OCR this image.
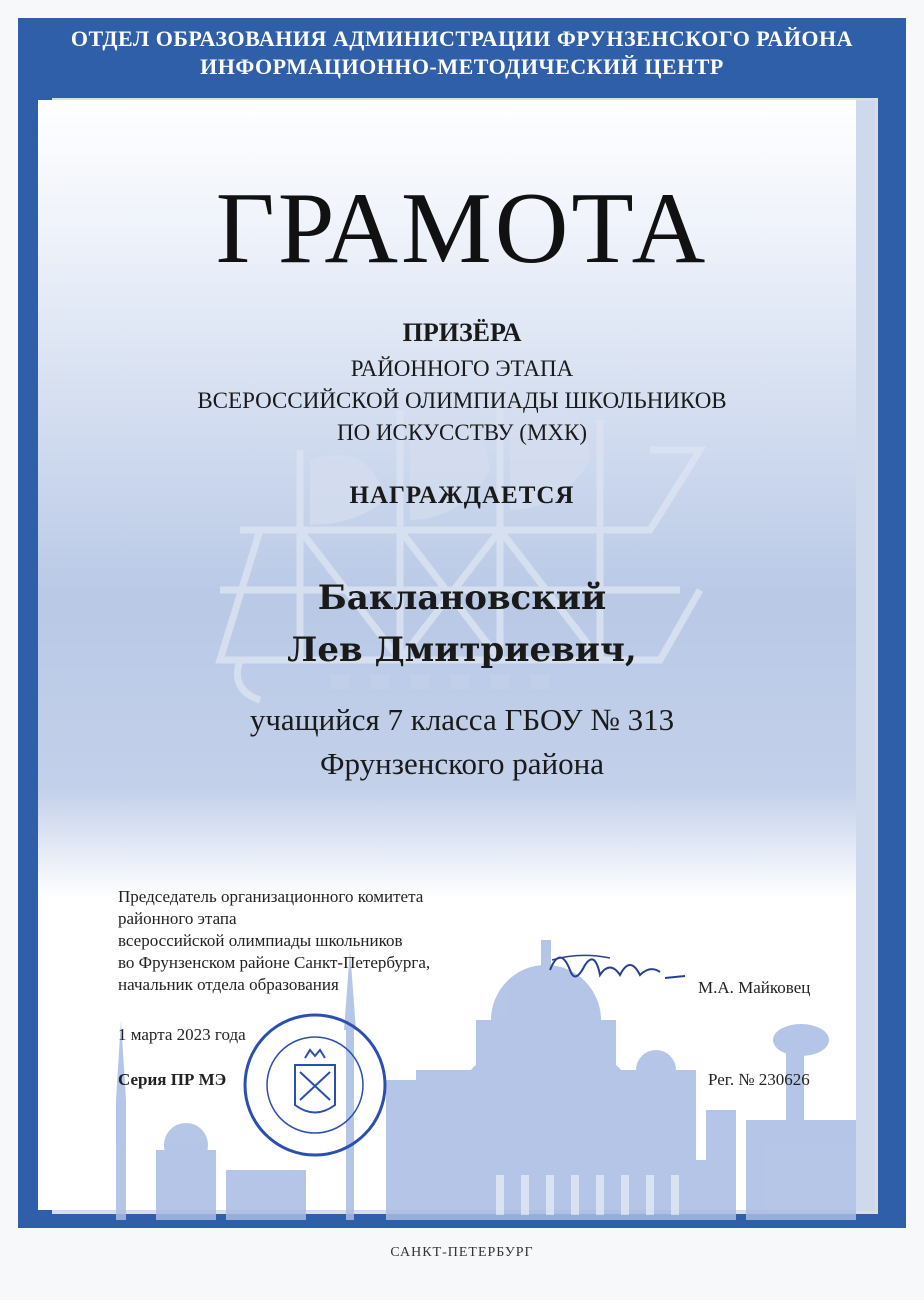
ОТДЕЛ ОБРАЗОВАНИЯ АДМИНИСТРАЦИИ ФРУНЗЕНСКОГО РАЙОНА
ИНФОРМАЦИОННО-МЕТОДИЧЕСКИЙ ЦЕНТР
ГРАМОТА
ПРИЗЁРА
РАЙОННОГО ЭТАПА
ВСЕРОССИЙСКОЙ ОЛИМПИАДЫ ШКОЛЬНИКОВ
ПО ИСКУССТВУ (МХК)
НАГРАЖДАЕТСЯ
Баклановский
Лев Дмитриевич,
учащийся 7 класса ГБОУ № 313
Фрунзенского района
Председатель организационного комитета
районного этапа
всероссийской олимпиады школьников
во Фрунзенском районе Санкт-Петербурга,
начальник отдела образования	М.А. Майковец
1 марта 2023 года
Серия ПР МЭ	Рег. № 230626
САНКТ-ПЕТЕРБУРГ
